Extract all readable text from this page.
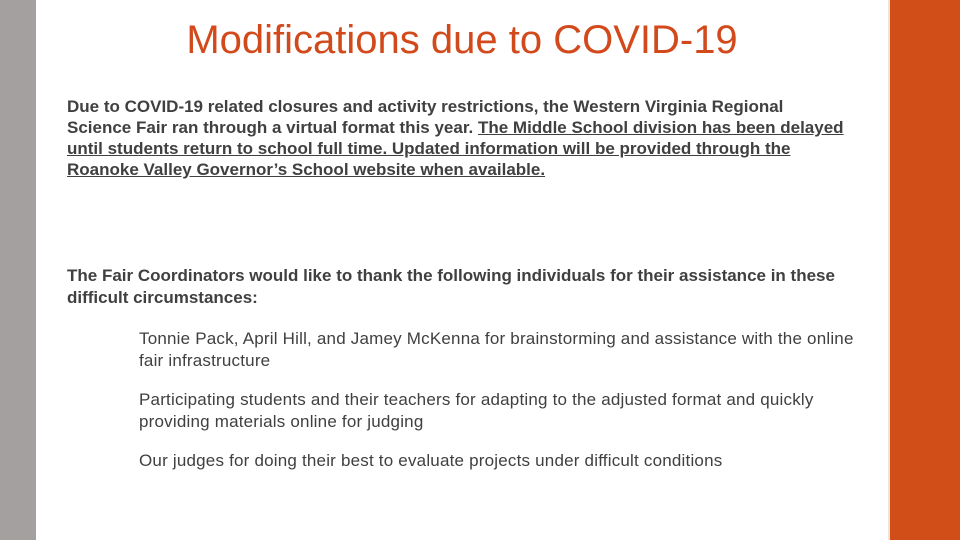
Modifications due to COVID-19

Due to COVID-19 related closures and activity restrictions, the Western Virginia Regional Science Fair ran through a virtual format this year. The Middle School division has been delayed until students return to school full time. Updated information will be provided through the Roanoke Valley Governor’s School website when available.

The Fair Coordinators would like to thank the following individuals for their assistance in these difficult circumstances:

Tonnie Pack, April Hill, and Jamey McKenna for brainstorming and assistance with the online fair infrastructure
Participating students and their teachers for adapting to the adjusted format and quickly providing materials online for judging
Our judges for doing their best to evaluate projects under difficult conditions
